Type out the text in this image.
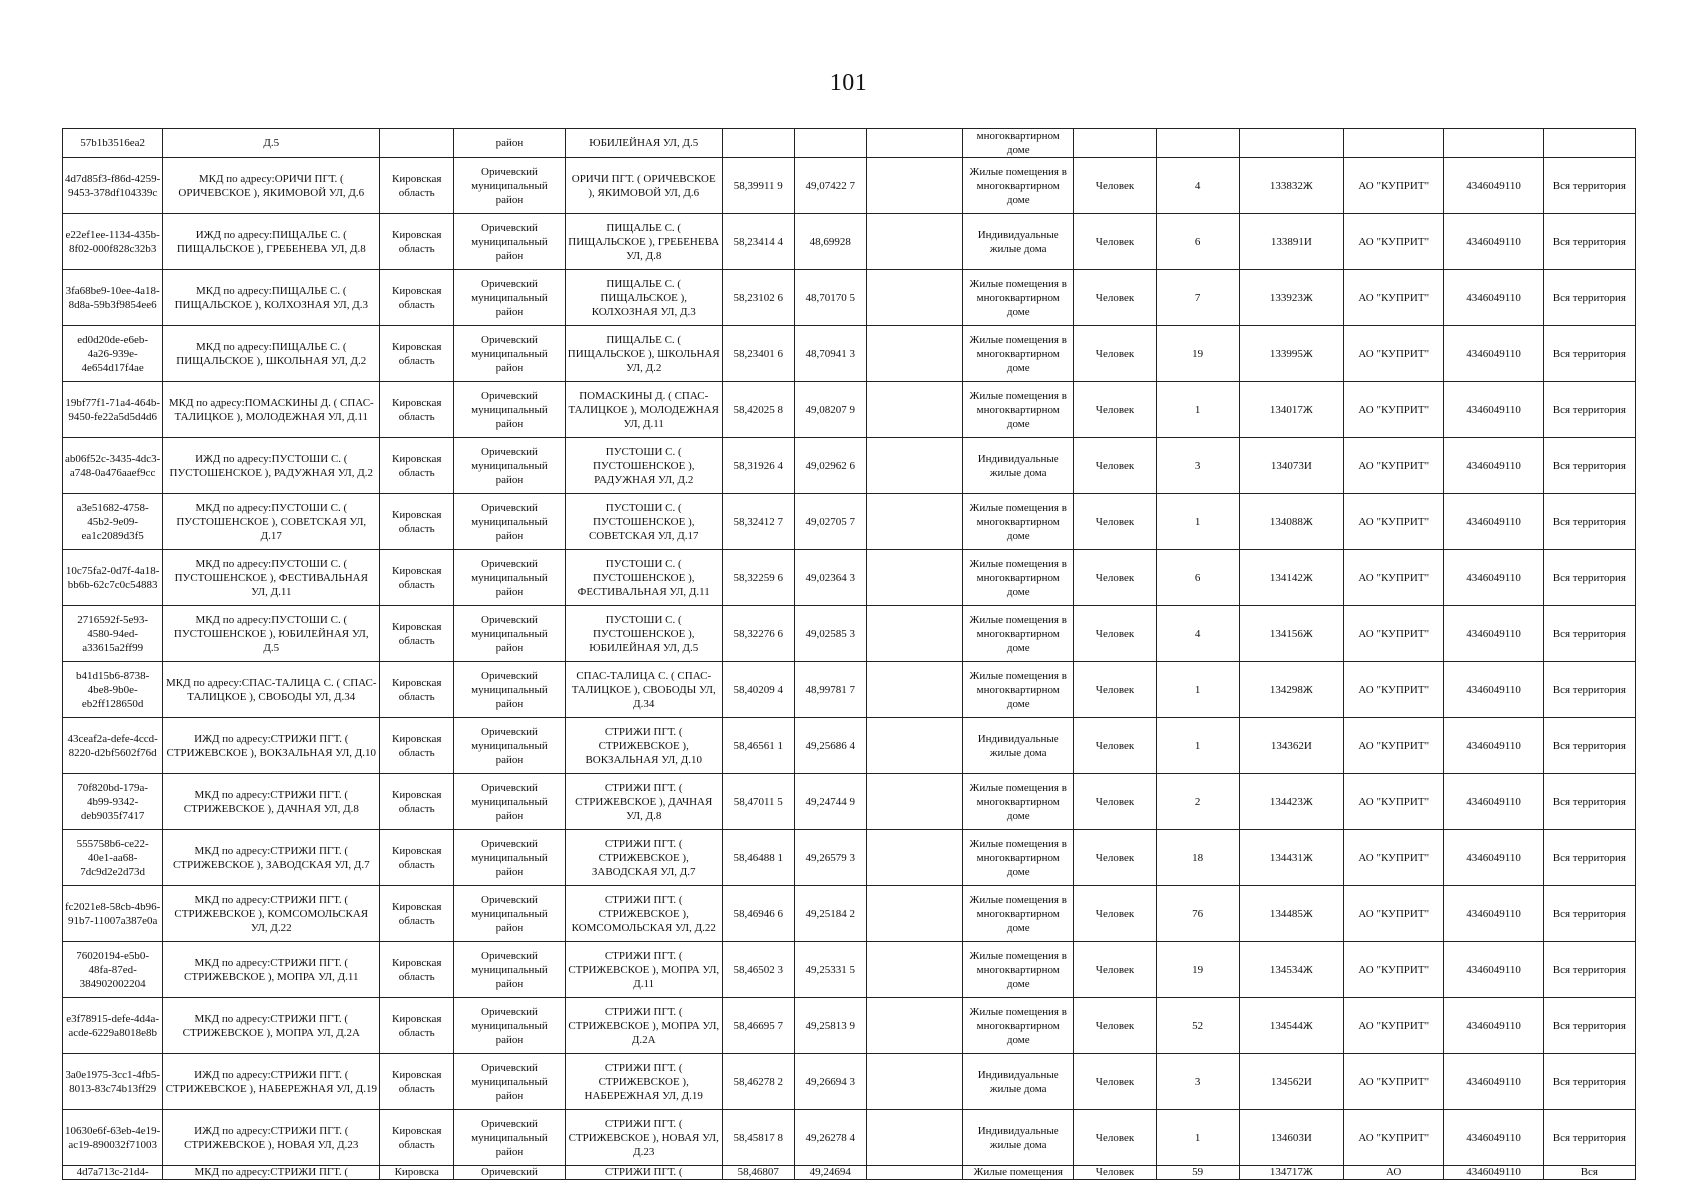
101
57b1b3516ea2	Д.5		район	ЮБИЛЕЙНАЯ УЛ, Д.5				многоквартирном доме						
4d7d85f3-f86d-4259-9453-378df104339c	МКД по адресу:ОРИЧИ ПГТ. ( ОРИЧЕВСКОЕ ), ЯКИМОВОЙ УЛ, Д.6	Кировская область	Оричевский муниципальный район	ОРИЧИ ПГТ. ( ОРИЧЕВСКОЕ ), ЯКИМОВОЙ УЛ, Д.6	58,39911 9	49,07422 7		Жилые помещения в многоквартирном доме	Человек	4	133832Ж	АО "КУПРИТ"	4346049110	Вся территория
e22ef1ee-1134-435b-8f02-000f828c32b3	ИЖД по адресу:ПИЩАЛЬЕ С. ( ПИЩАЛЬСКОЕ ), ГРЕБЕНЕВА УЛ, Д.8	Кировская область	Оричевский муниципальный район	ПИЩАЛЬЕ С. ( ПИЩАЛЬСКОЕ ), ГРЕБЕНЕВА УЛ, Д.8	58,23414 4	48,69928		Индивидуальные жилые дома	Человек	6	133891И	АО "КУПРИТ"	4346049110	Вся территория
3fa68be9-10ee-4a18-8d8a-59b3f9854ee6	МКД по адресу:ПИЩАЛЬЕ С. ( ПИЩАЛЬСКОЕ ), КОЛХОЗНАЯ УЛ, Д.3	Кировская область	Оричевский муниципальный район	ПИЩАЛЬЕ С. ( ПИЩАЛЬСКОЕ ), КОЛХОЗНАЯ УЛ, Д.3	58,23102 6	48,70170 5		Жилые помещения в многоквартирном доме	Человек	7	133923Ж	АО "КУПРИТ"	4346049110	Вся территория
ed0d20de-e6eb-4a26-939e-4e654d17f4ae	МКД по адресу:ПИЩАЛЬЕ С. ( ПИЩАЛЬСКОЕ ), ШКОЛЬНАЯ УЛ, Д.2	Кировская область	Оричевский муниципальный район	ПИЩАЛЬЕ С. ( ПИЩАЛЬСКОЕ ), ШКОЛЬНАЯ УЛ, Д.2	58,23401 6	48,70941 3		Жилые помещения в многоквартирном доме	Человек	19	133995Ж	АО "КУПРИТ"	4346049110	Вся территория
19bf77f1-71a4-464b-9450-fe22a5d5d4d6	МКД по адресу:ПОМАСКИНЫ Д. ( СПАС-ТАЛИЦКОЕ ), МОЛОДЕЖНАЯ УЛ, Д.11	Кировская область	Оричевский муниципальный район	ПОМАСКИНЫ Д. ( СПАС-ТАЛИЦКОЕ ), МОЛОДЕЖНАЯ УЛ, Д.11	58,42025 8	49,08207 9		Жилые помещения в многоквартирном доме	Человек	1	134017Ж	АО "КУПРИТ"	4346049110	Вся территория
ab06f52c-3435-4dc3-a748-0a476aaef9cc	ИЖД по адресу:ПУСТОШИ С. ( ПУСТОШЕНСКОЕ ), РАДУЖНАЯ УЛ, Д.2	Кировская область	Оричевский муниципальный район	ПУСТОШИ С. ( ПУСТОШЕНСКОЕ ), РАДУЖНАЯ УЛ, Д.2	58,31926 4	49,02962 6		Индивидуальные жилые дома	Человек	3	134073И	АО "КУПРИТ"	4346049110	Вся территория
a3e51682-4758-45b2-9e09-ea1c2089d3f5	МКД по адресу:ПУСТОШИ С. ( ПУСТОШЕНСКОЕ ), СОВЕТСКАЯ УЛ, Д.17	Кировская область	Оричевский муниципальный район	ПУСТОШИ С. ( ПУСТОШЕНСКОЕ ), СОВЕТСКАЯ УЛ, Д.17	58,32412 7	49,02705 7		Жилые помещения в многоквартирном доме	Человек	1	134088Ж	АО "КУПРИТ"	4346049110	Вся территория
10c75fa2-0d7f-4a18-bb6b-62c7c0c54883	МКД по адресу:ПУСТОШИ С. ( ПУСТОШЕНСКОЕ ), ФЕСТИВАЛЬНАЯ УЛ, Д.11	Кировская область	Оричевский муниципальный район	ПУСТОШИ С. ( ПУСТОШЕНСКОЕ ), ФЕСТИВАЛЬНАЯ УЛ, Д.11	58,32259 6	49,02364 3		Жилые помещения в многоквартирном доме	Человек	6	134142Ж	АО "КУПРИТ"	4346049110	Вся территория
2716592f-5e93-4580-94ed-a33615a2ff99	МКД по адресу:ПУСТОШИ С. ( ПУСТОШЕНСКОЕ ), ЮБИЛЕЙНАЯ УЛ, Д.5	Кировская область	Оричевский муниципальный район	ПУСТОШИ С. ( ПУСТОШЕНСКОЕ ), ЮБИЛЕЙНАЯ УЛ, Д.5	58,32276 6	49,02585 3		Жилые помещения в многоквартирном доме	Человек	4	134156Ж	АО "КУПРИТ"	4346049110	Вся территория
b41d15b6-8738-4be8-9b0e-eb2ff128650d	МКД по адресу:СПАС-ТАЛИЦА С. ( СПАС-ТАЛИЦКОЕ ), СВОБОДЫ УЛ, Д.34	Кировская область	Оричевский муниципальный район	СПАС-ТАЛИЦА С. ( СПАС-ТАЛИЦКОЕ ), СВОБОДЫ УЛ, Д.34	58,40209 4	48,99781 7		Жилые помещения в многоквартирном доме	Человек	1	134298Ж	АО "КУПРИТ"	4346049110	Вся территория
43ceaf2a-defe-4ccd-8220-d2bf5602f76d	ИЖД по адресу:СТРИЖИ ПГТ. ( СТРИЖЕВСКОЕ ), ВОКЗАЛЬНАЯ УЛ, Д.10	Кировская область	Оричевский муниципальный район	СТРИЖИ ПГТ. ( СТРИЖЕВСКОЕ ), ВОКЗАЛЬНАЯ УЛ, Д.10	58,46561 1	49,25686 4		Индивидуальные жилые дома	Человек	1	134362И	АО "КУПРИТ"	4346049110	Вся территория
70f820bd-179a-4b99-9342-deb9035f7417	МКД по адресу:СТРИЖИ ПГТ. ( СТРИЖЕВСКОЕ ), ДАЧНАЯ УЛ, Д.8	Кировская область	Оричевский муниципальный район	СТРИЖИ ПГТ. ( СТРИЖЕВСКОЕ ), ДАЧНАЯ УЛ, Д.8	58,47011 5	49,24744 9		Жилые помещения в многоквартирном доме	Человек	2	134423Ж	АО "КУПРИТ"	4346049110	Вся территория
555758b6-ce22-40e1-aa68-7dc9d2e2d73d	МКД по адресу:СТРИЖИ ПГТ. ( СТРИЖЕВСКОЕ ), ЗАВОДСКАЯ УЛ, Д.7	Кировская область	Оричевский муниципальный район	СТРИЖИ ПГТ. ( СТРИЖЕВСКОЕ ), ЗАВОДСКАЯ УЛ, Д.7	58,46488 1	49,26579 3		Жилые помещения в многоквартирном доме	Человек	18	134431Ж	АО "КУПРИТ"	4346049110	Вся территория
fc2021e8-58cb-4b96-91b7-11007a387e0a	МКД по адресу:СТРИЖИ ПГТ. ( СТРИЖЕВСКОЕ ), КОМСОМОЛЬСКАЯ УЛ, Д.22	Кировская область	Оричевский муниципальный район	СТРИЖИ ПГТ. ( СТРИЖЕВСКОЕ ), КОМСОМОЛЬСКАЯ УЛ, Д.22	58,46946 6	49,25184 2		Жилые помещения в многоквартирном доме	Человек	76	134485Ж	АО "КУПРИТ"	4346049110	Вся территория
76020194-e5b0-48fa-87ed-384902002204	МКД по адресу:СТРИЖИ ПГТ. ( СТРИЖЕВСКОЕ ), МОПРА УЛ, Д.11	Кировская область	Оричевский муниципальный район	СТРИЖИ ПГТ. ( СТРИЖЕВСКОЕ ), МОПРА УЛ, Д.11	58,46502 3	49,25331 5		Жилые помещения в многоквартирном доме	Человек	19	134534Ж	АО "КУПРИТ"	4346049110	Вся территория
e3f78915-defe-4d4a-acde-6229a8018e8b	МКД по адресу:СТРИЖИ ПГТ. ( СТРИЖЕВСКОЕ ), МОПРА УЛ, Д.2А	Кировская область	Оричевский муниципальный район	СТРИЖИ ПГТ. ( СТРИЖЕВСКОЕ ), МОПРА УЛ, Д.2А	58,46695 7	49,25813 9		Жилые помещения в многоквартирном доме	Человек	52	134544Ж	АО "КУПРИТ"	4346049110	Вся территория
3a0e1975-3cc1-4fb5-8013-83c74b13ff29	ИЖД по адресу:СТРИЖИ ПГТ. ( СТРИЖЕВСКОЕ ), НАБЕРЕЖНАЯ УЛ, Д.19	Кировская область	Оричевский муниципальный район	СТРИЖИ ПГТ. ( СТРИЖЕВСКОЕ ), НАБЕРЕЖНАЯ УЛ, Д.19	58,46278 2	49,26694 3		Индивидуальные жилые дома	Человек	3	134562И	АО "КУПРИТ"	4346049110	Вся территория
10630e6f-63eb-4e19-ac19-890032f71003	ИЖД по адресу:СТРИЖИ ПГТ. ( СТРИЖЕВСКОЕ ), НОВАЯ УЛ, Д.23	Кировская область	Оричевский муниципальный район	СТРИЖИ ПГТ. ( СТРИЖЕВСКОЕ ), НОВАЯ УЛ, Д.23	58,45817 8	49,26278 4		Индивидуальные жилые дома	Человек	1	134603И	АО "КУПРИТ"	4346049110	Вся территория
4d7a713c-21d4-	МКД по адресу:СТРИЖИ ПГТ. (	Кировска	Оричевский	СТРИЖИ ПГТ. (	58,46807	49,24694		Жилые помещения	Человек	59	134717Ж	АО	4346049110	Вся
